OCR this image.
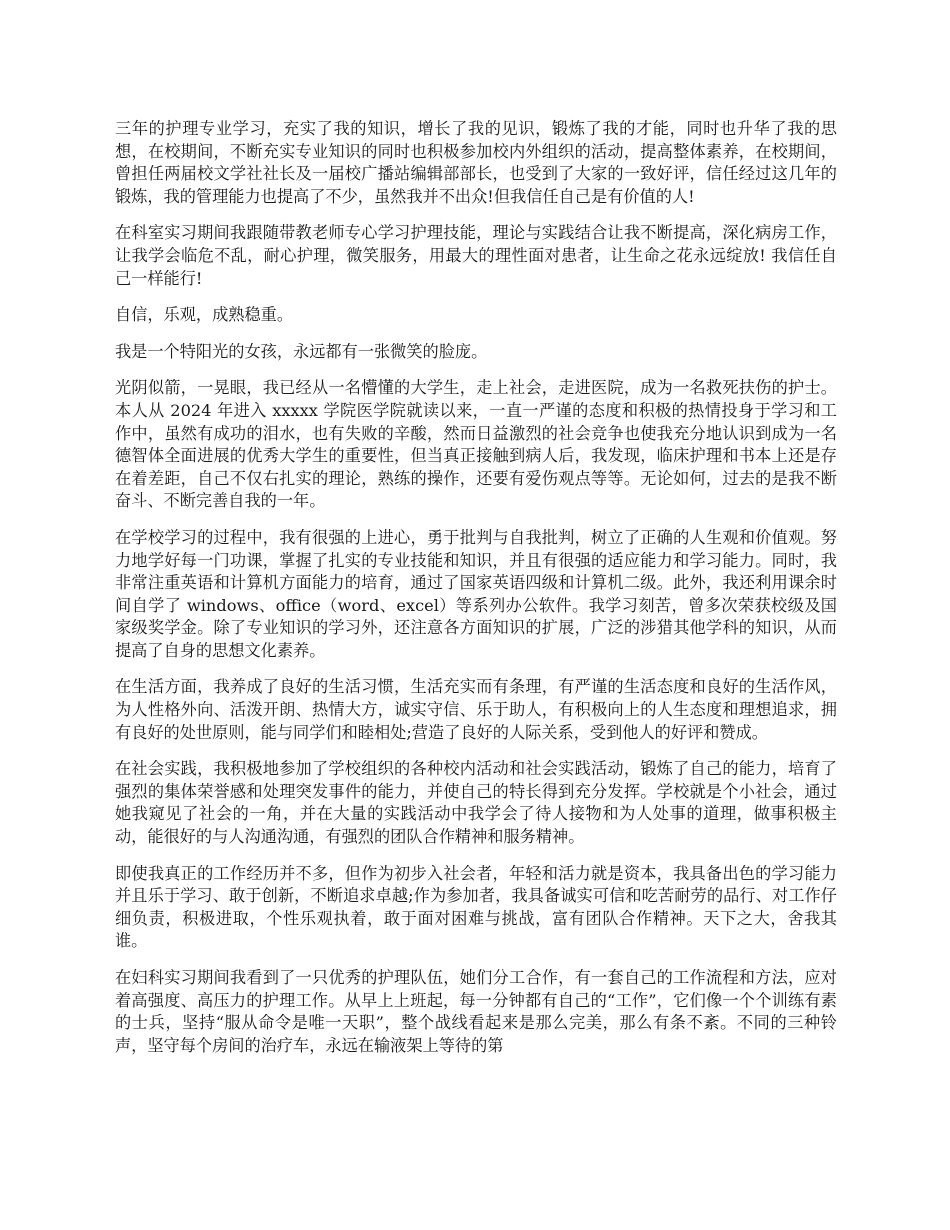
三年的护理专业学习，充实了我的知识，增长了我的见识，锻炼了我的才能，同时也升华了我的思想，在校期间，不断充实专业知识的同时也积极参加校内外组织的活动，提高整体素养，在校期间，曾担任两届校文学社社长及一届校广播站编辑部部长，也受到了大家的一致好评，信任经过这几年的锻炼，我的管理能力也提高了不少，虽然我并不出众!但我信任自己是有价值的人!

在科室实习期间我跟随带教老师专心学习护理技能，理论与实践结合让我不断提高，深化病房工作，让我学会临危不乱，耐心护理，微笑服务，用最大的理性面对患者，让生命之花永远绽放! 我信任自己一样能行!

自信，乐观，成熟稳重。

我是一个特阳光的女孩，永远都有一张微笑的脸庞。

光阴似箭，一晃眼，我已经从一名懵懂的大学生，走上社会，走进医院，成为一名救死扶伤的护士。本人从 2024 年进入 xxxxx 学院医学院就读以来，一直一严谨的态度和积极的热情投身于学习和工作中，虽然有成功的泪水，也有失败的辛酸，然而日益激烈的社会竞争也使我充分地认识到成为一名德智体全面进展的优秀大学生的重要性，但当真正接触到病人后，我发现，临床护理和书本上还是存在着差距，自己不仅右扎实的理论，熟练的操作，还要有爱伤观点等等。无论如何，过去的是我不断奋斗、不断完善自我的一年。

在学校学习的过程中，我有很强的上进心，勇于批判与自我批判，树立了正确的人生观和价值观。努力地学好每一门功课，掌握了扎实的专业技能和知识，并且有很强的适应能力和学习能力。同时，我非常注重英语和计算机方面能力的培育，通过了国家英语四级和计算机二级。此外，我还利用课余时间自学了 windows、office（word、excel）等系列办公软件。我学习刻苦，曾多次荣获校级及国家级奖学金。除了专业知识的学习外，还注意各方面知识的扩展，广泛的涉猎其他学科的知识，从而提高了自身的思想文化素养。

在生活方面，我养成了良好的生活习惯，生活充实而有条理，有严谨的生活态度和良好的生活作风，为人性格外向、活泼开朗、热情大方，诚实守信、乐于助人，有积极向上的人生态度和理想追求，拥有良好的处世原则，能与同学们和睦相处;营造了良好的人际关系，受到他人的好评和赞成。

在社会实践，我积极地参加了学校组织的各种校内活动和社会实践活动，锻炼了自己的能力，培育了强烈的集体荣誉感和处理突发事件的能力，并使自己的特长得到充分发挥。学校就是个小社会，通过她我窥见了社会的一角，并在大量的实践活动中我学会了待人接物和为人处事的道理，做事积极主动，能很好的与人沟通沟通，有强烈的团队合作精神和服务精神。

即使我真正的工作经历并不多，但作为初步入社会者，年轻和活力就是资本，我具备出色的学习能力并且乐于学习、敢于创新，不断追求卓越;作为参加者，我具备诚实可信和吃苦耐劳的品行、对工作仔细负责，积极进取，个性乐观执着，敢于面对困难与挑战，富有团队合作精神。天下之大，舍我其谁。

在妇科实习期间我看到了一只优秀的护理队伍，她们分工合作，有一套自己的工作流程和方法，应对着高强度、高压力的护理工作。从早上上班起，每一分钟都有自己的“工作”，它们像一个个训练有素的士兵，坚持“服从命令是唯一天职”，整个战线看起来是那么完美，那么有条不紊。不同的三种铃声，坚守每个房间的治疗车，永远在输液架上等待的第
